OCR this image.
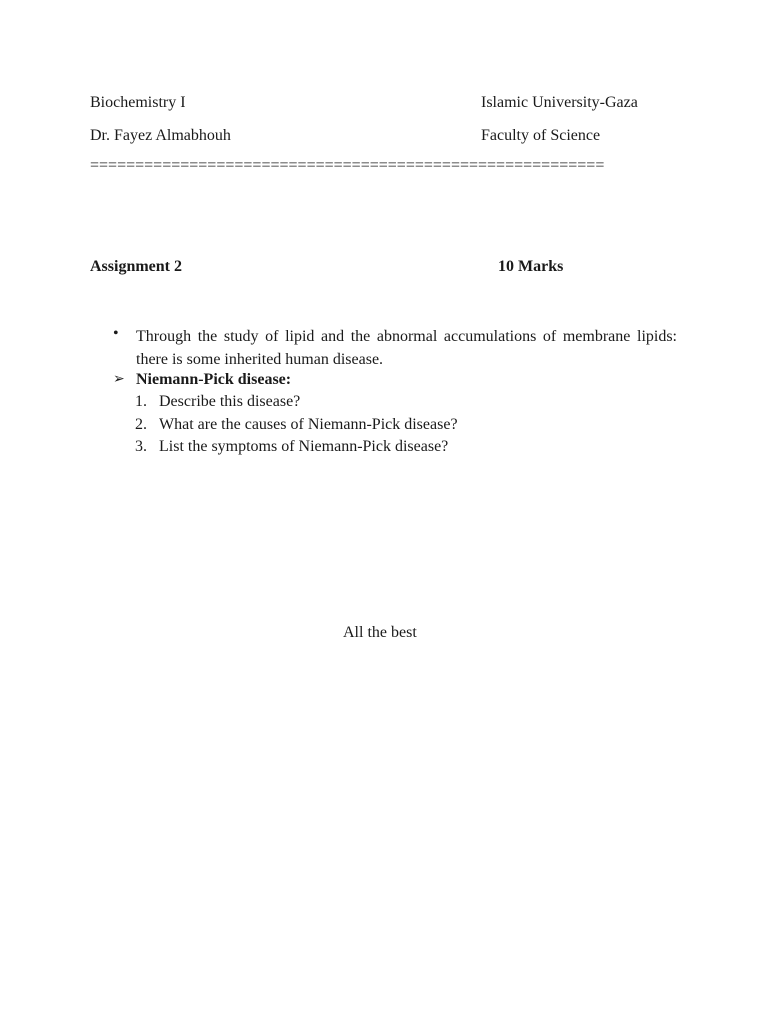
Biochemistry I
Dr. Fayez Almabhouh
Islamic University-Gaza
Faculty of Science
=========================================================
Assignment 2	10 Marks
• Through the study of lipid and the abnormal accumulations of membrane lipids: there is some inherited human disease.
➢ Niemann-Pick disease:
1. Describe this disease?
2. What are the causes of Niemann-Pick disease?
3. List the symptoms of Niemann-Pick disease?
All the best
